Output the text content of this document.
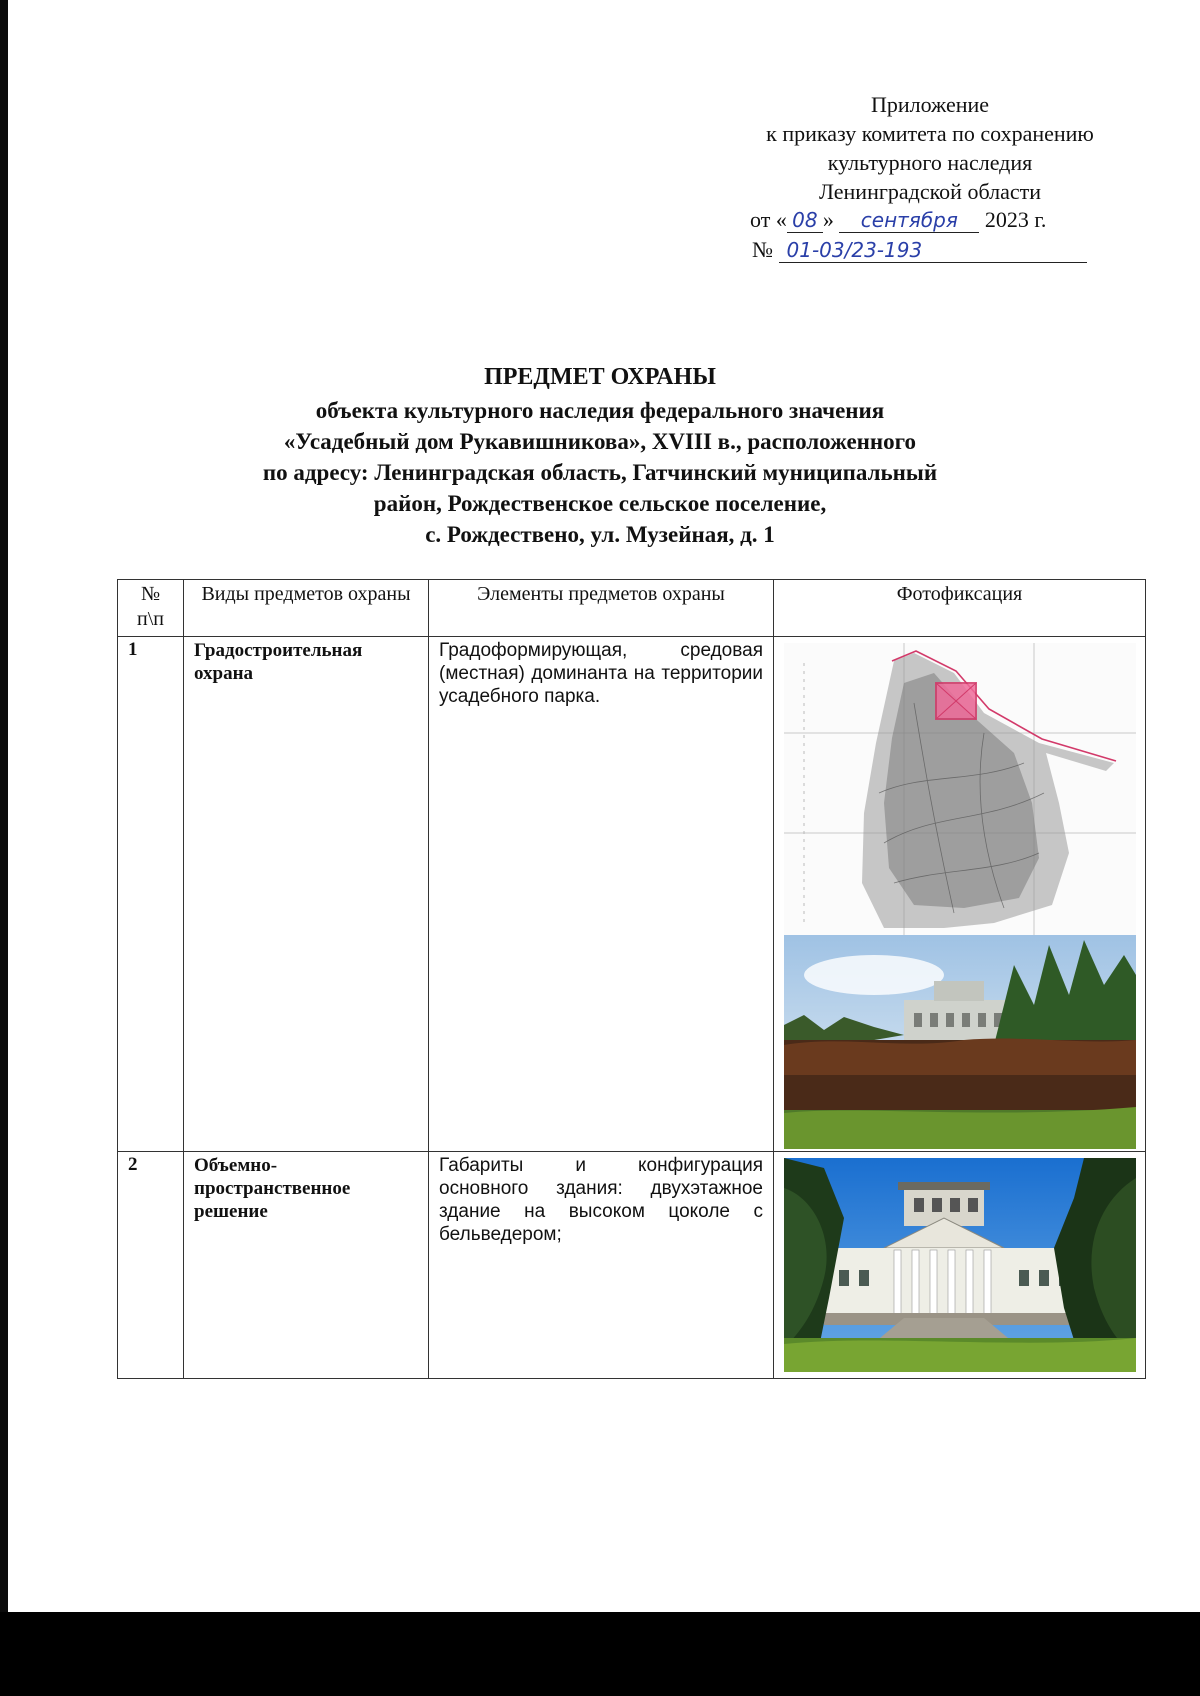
Приложение
к приказу комитета по сохранению
культурного наследия
Ленинградской области
от « 08 » сентября 2023 г.
№ 01-03/23-193
ПРЕДМЕТ ОХРАНЫ
объекта культурного наследия федерального значения
«Усадебный дом Рукавишникова», XVIII в., расположенного
по адресу: Ленинградская область, Гатчинский муниципальный
район, Рождественское сельское поселение,
с. Рождествено, ул. Музейная, д. 1
№ п\п	Виды предметов охраны	Элементы предметов охраны	Фотофиксация
1	Градостроительная охрана	Градоформирующая, средовая (местная) доминанта на территории усадебного парка.	

2	Объемно-пространственное решение	Габариты и конфигурация основного здания: двухэтажное здание на высоком цоколе с бельведером;	
